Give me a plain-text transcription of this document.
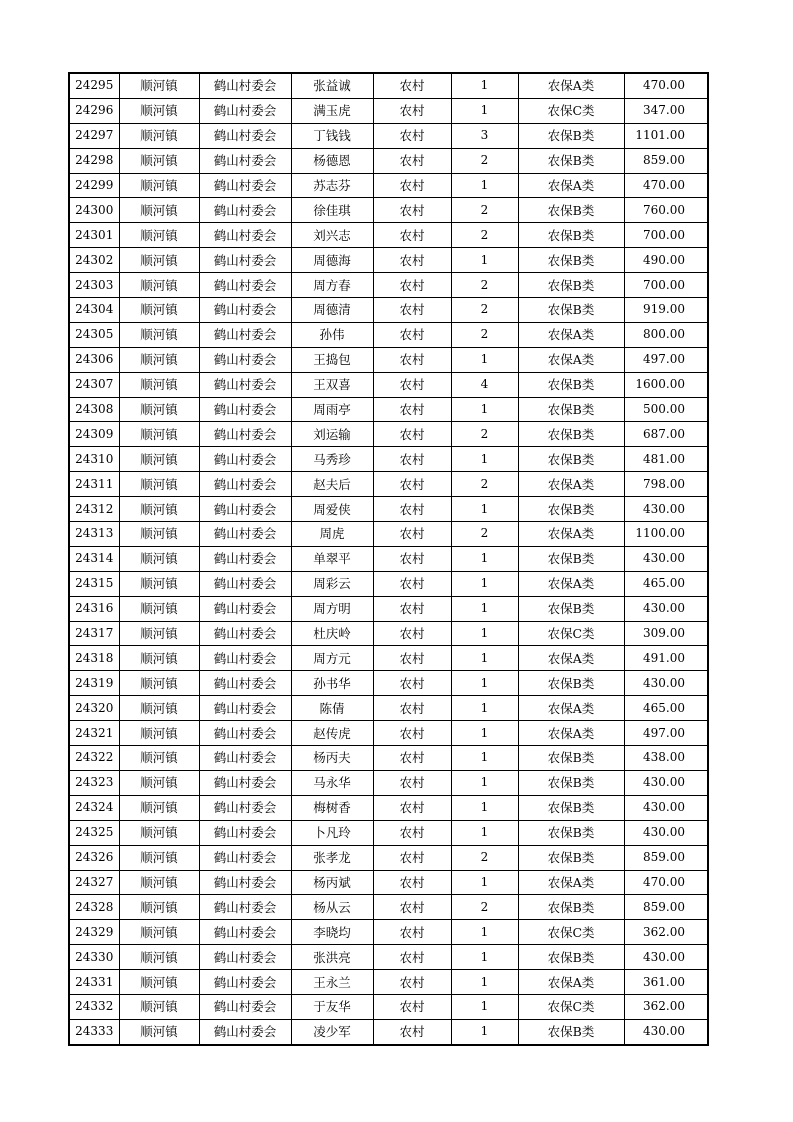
24295	顺河镇	鹤山村委会	张益诚	农村	1	农保A类	470.00
24296	顺河镇	鹤山村委会	满玉虎	农村	1	农保C类	347.00
24297	顺河镇	鹤山村委会	丁钱钱	农村	3	农保B类	1101.00
24298	顺河镇	鹤山村委会	杨德恩	农村	2	农保B类	859.00
24299	顺河镇	鹤山村委会	苏志芬	农村	1	农保A类	470.00
24300	顺河镇	鹤山村委会	徐佳琪	农村	2	农保B类	760.00
24301	顺河镇	鹤山村委会	刘兴志	农村	2	农保B类	700.00
24302	顺河镇	鹤山村委会	周德海	农村	1	农保B类	490.00
24303	顺河镇	鹤山村委会	周方春	农村	2	农保B类	700.00
24304	顺河镇	鹤山村委会	周德清	农村	2	农保B类	919.00
24305	顺河镇	鹤山村委会	孙伟	农村	2	农保A类	800.00
24306	顺河镇	鹤山村委会	王捣包	农村	1	农保A类	497.00
24307	顺河镇	鹤山村委会	王双喜	农村	4	农保B类	1600.00
24308	顺河镇	鹤山村委会	周雨亭	农村	1	农保B类	500.00
24309	顺河镇	鹤山村委会	刘运输	农村	2	农保B类	687.00
24310	顺河镇	鹤山村委会	马秀珍	农村	1	农保B类	481.00
24311	顺河镇	鹤山村委会	赵夫后	农村	2	农保A类	798.00
24312	顺河镇	鹤山村委会	周爱侠	农村	1	农保B类	430.00
24313	顺河镇	鹤山村委会	周虎	农村	2	农保A类	1100.00
24314	顺河镇	鹤山村委会	单翠平	农村	1	农保B类	430.00
24315	顺河镇	鹤山村委会	周彩云	农村	1	农保A类	465.00
24316	顺河镇	鹤山村委会	周方明	农村	1	农保B类	430.00
24317	顺河镇	鹤山村委会	杜庆岭	农村	1	农保C类	309.00
24318	顺河镇	鹤山村委会	周方元	农村	1	农保A类	491.00
24319	顺河镇	鹤山村委会	孙书华	农村	1	农保B类	430.00
24320	顺河镇	鹤山村委会	陈倩	农村	1	农保A类	465.00
24321	顺河镇	鹤山村委会	赵传虎	农村	1	农保A类	497.00
24322	顺河镇	鹤山村委会	杨丙夫	农村	1	农保B类	438.00
24323	顺河镇	鹤山村委会	马永华	农村	1	农保B类	430.00
24324	顺河镇	鹤山村委会	梅树香	农村	1	农保B类	430.00
24325	顺河镇	鹤山村委会	卜凡玲	农村	1	农保B类	430.00
24326	顺河镇	鹤山村委会	张孝龙	农村	2	农保B类	859.00
24327	顺河镇	鹤山村委会	杨丙斌	农村	1	农保A类	470.00
24328	顺河镇	鹤山村委会	杨从云	农村	2	农保B类	859.00
24329	顺河镇	鹤山村委会	李晓均	农村	1	农保C类	362.00
24330	顺河镇	鹤山村委会	张洪亮	农村	1	农保B类	430.00
24331	顺河镇	鹤山村委会	王永兰	农村	1	农保A类	361.00
24332	顺河镇	鹤山村委会	于友华	农村	1	农保C类	362.00
24333	顺河镇	鹤山村委会	凌少军	农村	1	农保B类	430.00
